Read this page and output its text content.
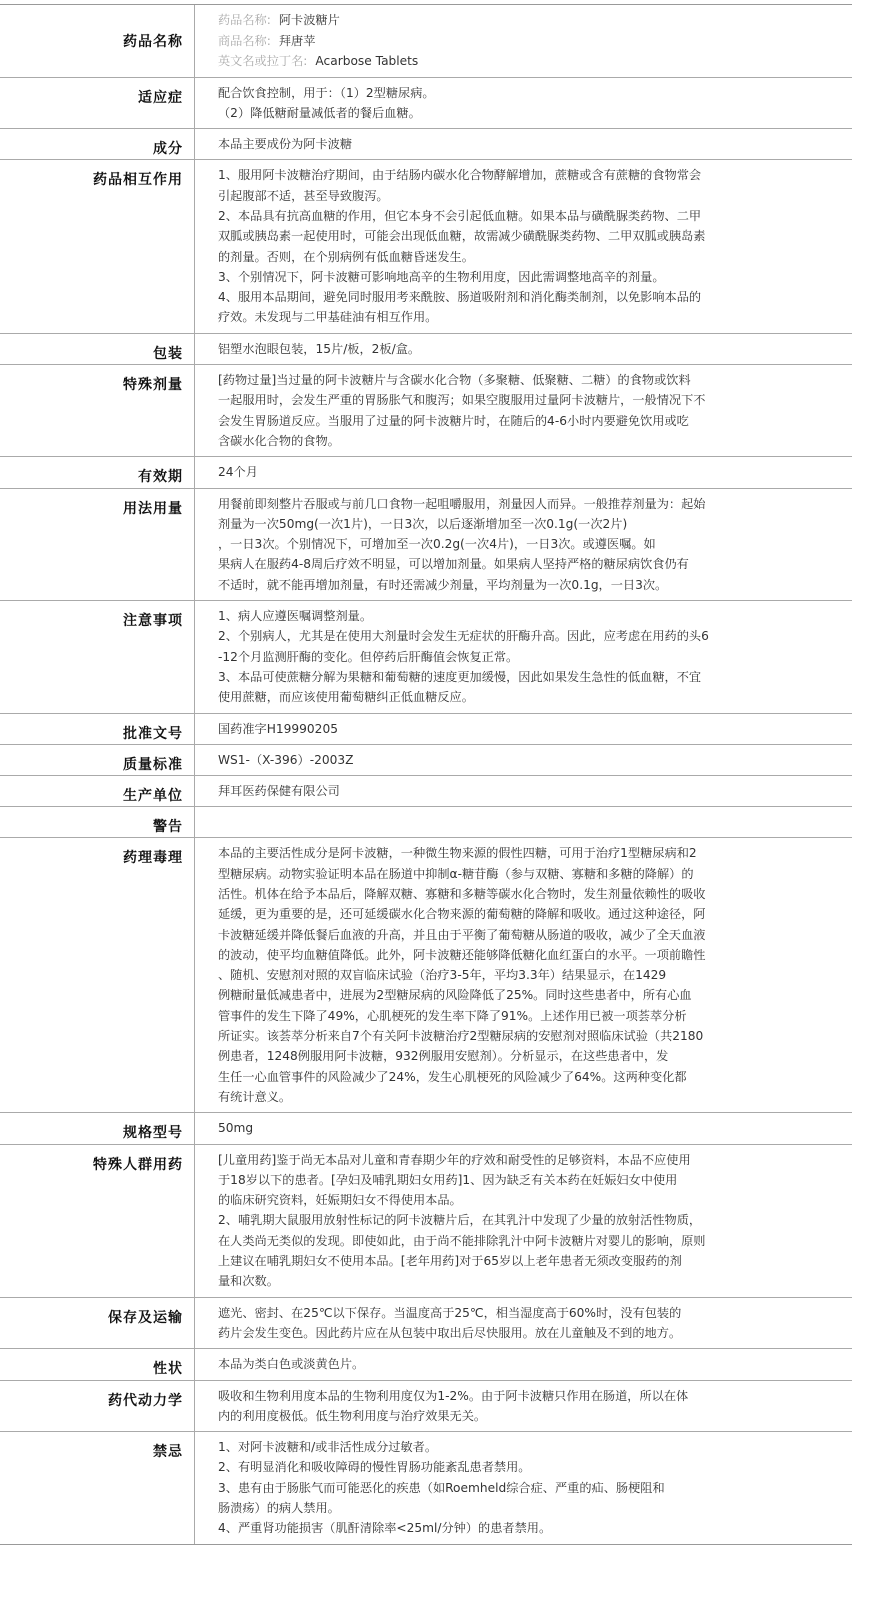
药品名称
药品名称: 阿卡波糖片
商品名称: 拜唐苹
英文名或拉丁名: Acarbose Tablets
适应症	配合饮食控制，用于：（1）2型糖尿病。
（2）降低糖耐量减低者的餐后血糖。
成分	本品主要成份为阿卡波糖
药品相互作用	1、服用阿卡波糖治疗期间，由于结肠内碳水化合物酵解增加，蔗糖或含有蔗糖的食物常会
引起腹部不适，甚至导致腹泻。
2、本品具有抗高血糖的作用，但它本身不会引起低血糖。如果本品与磺酰脲类药物、二甲
双胍或胰岛素一起使用时，可能会出现低血糖，故需减少磺酰脲类药物、二甲双胍或胰岛素
的剂量。否则，在个别病例有低血糖昏迷发生。
3、个别情况下，阿卡波糖可影响地高辛的生物利用度，因此需调整地高辛的剂量。
4、服用本品期间，避免同时服用考来酰胺、肠道吸附剂和消化酶类制剂，以免影响本品的
疗效。未发现与二甲基硅油有相互作用。
包装	铝塑水泡眼包装，15片/板，2板/盒。
特殊剂量	[药物过量]当过量的阿卡波糖片与含碳水化合物（多聚糖、低聚糖、二糖）的食物或饮料
一起服用时，会发生严重的胃肠胀气和腹泻；如果空腹服用过量阿卡波糖片，一般情况下不
会发生胃肠道反应。当服用了过量的阿卡波糖片时，在随后的4-6小时内要避免饮用或吃
含碳水化合物的食物。
有效期	24个月
用法用量	用餐前即刻整片吞服或与前几口食物一起咀嚼服用，剂量因人而异。一般推荐剂量为：起始
剂量为一次50mg(一次1片)，一日3次，以后逐渐增加至一次0.1g(一次2片)
，一日3次。个别情况下，可增加至一次0.2g(一次4片)，一日3次。或遵医嘱。如
果病人在服药4-8周后疗效不明显，可以增加剂量。如果病人坚持严格的糖尿病饮食仍有
不适时，就不能再增加剂量，有时还需减少剂量，平均剂量为一次0.1g，一日3次。
注意事项	1、病人应遵医嘱调整剂量。
2、个别病人，尤其是在使用大剂量时会发生无症状的肝酶升高。因此，应考虑在用药的头6
-12个月监测肝酶的变化。但停药后肝酶值会恢复正常。
3、本品可使蔗糖分解为果糖和葡萄糖的速度更加缓慢，因此如果发生急性的低血糖，不宜
使用蔗糖，而应该使用葡萄糖纠正低血糖反应。
批准文号	国药准字H19990205
质量标准	WS1-（X-396）-2003Z
生产单位	拜耳医药保健有限公司
警告
药理毒理	本品的主要活性成分是阿卡波糖，一种微生物来源的假性四糖，可用于治疗1型糖尿病和2
型糖尿病。动物实验证明本品在肠道中抑制α-糖苷酶（参与双糖、寡糖和多糖的降解）的
活性。机体在给予本品后，降解双糖、寡糖和多糖等碳水化合物时，发生剂量依赖性的吸收
延缓，更为重要的是，还可延缓碳水化合物来源的葡萄糖的降解和吸收。通过这种途径，阿
卡波糖延缓并降低餐后血液的升高，并且由于平衡了葡萄糖从肠道的吸收，减少了全天血液
的波动，使平均血糖值降低。此外，阿卡波糖还能够降低糖化血红蛋白的水平。一项前瞻性
、随机、安慰剂对照的双盲临床试验（治疗3-5年，平均3.3年）结果显示，在1429
例糖耐量低减患者中，进展为2型糖尿病的风险降低了25%。同时这些患者中，所有心血
管事件的发生下降了49%，心肌梗死的发生率下降了91%。上述作用已被一项荟萃分析
所证实。该荟萃分析来自7个有关阿卡波糖治疗2型糖尿病的安慰剂对照临床试验（共2180
例患者，1248例服用阿卡波糖，932例服用安慰剂）。分析显示，在这些患者中，发
生任一心血管事件的风险减少了24%，发生心肌梗死的风险减少了64%。这两种变化都
有统计意义。
规格型号	50mg
特殊人群用药	[儿童用药]鉴于尚无本品对儿童和青春期少年的疗效和耐受性的足够资料，本品不应使用
于18岁以下的患者。[孕妇及哺乳期妇女用药]1、因为缺乏有关本药在妊娠妇女中使用
的临床研究资料，妊娠期妇女不得使用本品。
2、哺乳期大鼠服用放射性标记的阿卡波糖片后，在其乳汁中发现了少量的放射活性物质，
在人类尚无类似的发现。即使如此，由于尚不能排除乳汁中阿卡波糖片对婴儿的影响，原则
上建议在哺乳期妇女不使用本品。[老年用药]对于65岁以上老年患者无须改变服药的剂
量和次数。
保存及运输	遮光、密封、在25℃以下保存。当温度高于25℃，相当湿度高于60%时，没有包装的
药片会发生变色。因此药片应在从包装中取出后尽快服用。放在儿童触及不到的地方。
性状	本品为类白色或淡黄色片。
药代动力学	吸收和生物利用度本品的生物利用度仅为1-2%。由于阿卡波糖只作用在肠道，所以在体
内的利用度极低。低生物利用度与治疗效果无关。
禁忌	1、对阿卡波糖和/或非活性成分过敏者。
2、有明显消化和吸收障碍的慢性胃肠功能紊乱患者禁用。
3、患有由于肠胀气而可能恶化的疾患（如Roemheld综合症、严重的疝、肠梗阻和
肠溃疡）的病人禁用。
4、严重肾功能损害（肌酐清除率<25ml/分钟）的患者禁用。
